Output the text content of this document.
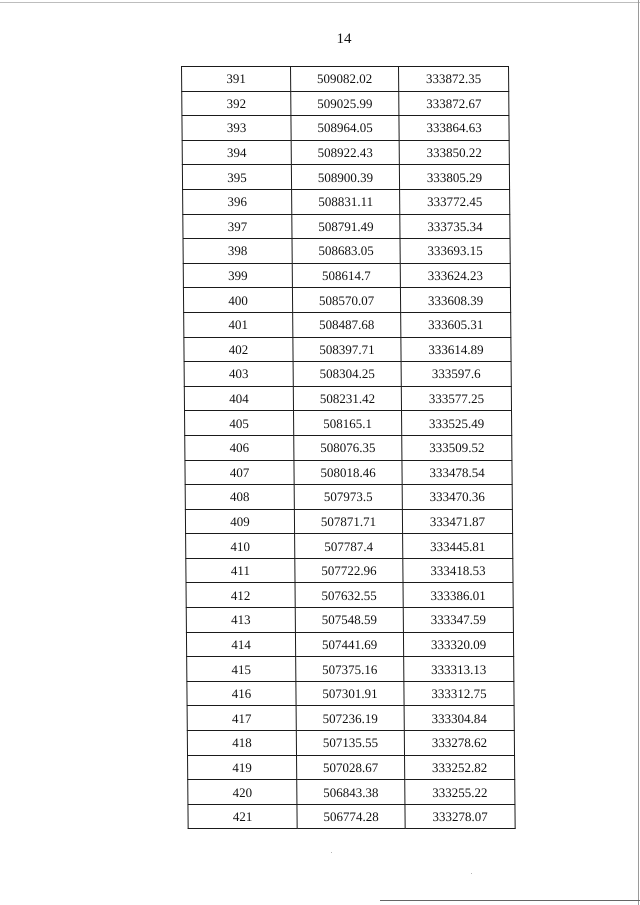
14
391	509082.02	333872.35
392	509025.99	333872.67
393	508964.05	333864.63
394	508922.43	333850.22
395	508900.39	333805.29
396	508831.11	333772.45
397	508791.49	333735.34
398	508683.05	333693.15
399	508614.7	333624.23
400	508570.07	333608.39
401	508487.68	333605.31
402	508397.71	333614.89
403	508304.25	333597.6
404	508231.42	333577.25
405	508165.1	333525.49
406	508076.35	333509.52
407	508018.46	333478.54
408	507973.5	333470.36
409	507871.71	333471.87
410	507787.4	333445.81
411	507722.96	333418.53
412	507632.55	333386.01
413	507548.59	333347.59
414	507441.69	333320.09
415	507375.16	333313.13
416	507301.91	333312.75
417	507236.19	333304.84
418	507135.55	333278.62
419	507028.67	333252.82
420	506843.38	333255.22
421	506774.28	333278.07
